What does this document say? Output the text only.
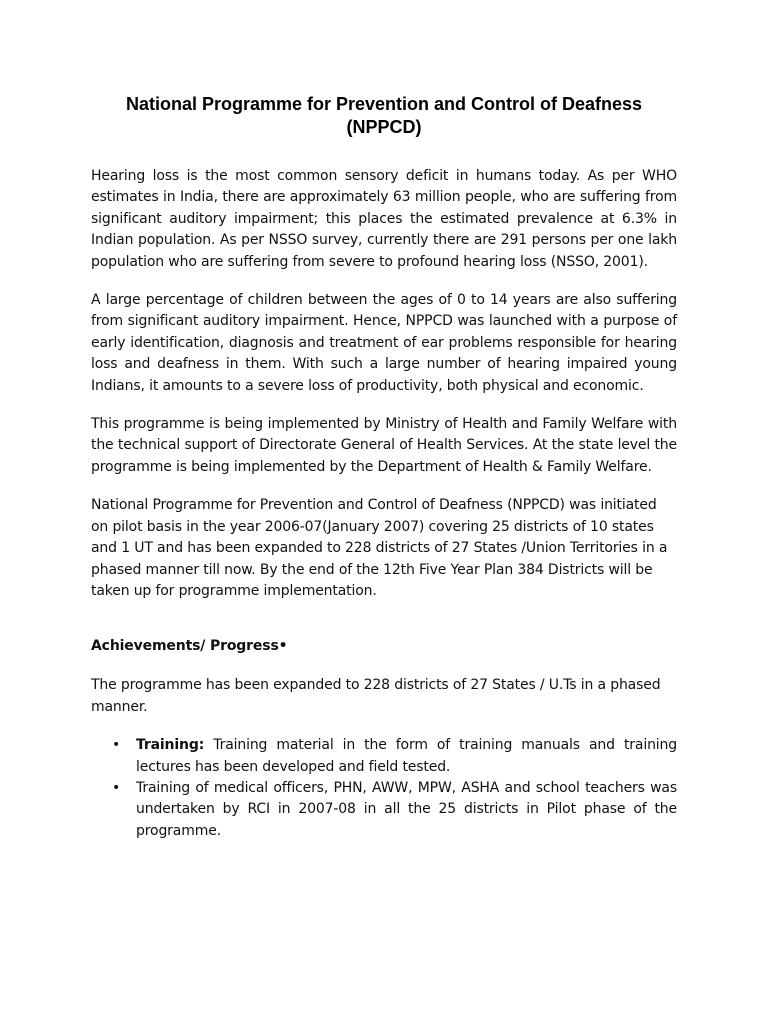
National Programme for Prevention and Control of Deafness
(NPPCD)

Hearing loss is the most common sensory deficit in humans today. As per WHO estimates in India, there are approximately 63 million people, who are suffering from significant auditory impairment; this places the estimated prevalence at 6.3% in Indian population. As per NSSO survey, currently there are 291 persons per one lakh population who are suffering from severe to profound hearing loss (NSSO, 2001).

A large percentage of children between the ages of 0 to 14 years are also suffering from significant auditory impairment. Hence, NPPCD was launched with a purpose of early identification, diagnosis and treatment of ear problems responsible for hearing loss and deafness in them. With such a large number of hearing impaired young Indians, it amounts to a severe loss of productivity, both physical and economic.

This programme is being implemented by Ministry of Health and Family Welfare with the technical support of Directorate General of Health Services. At the state level the programme is being implemented by the Department of Health & Family Welfare.

National Programme for Prevention and Control of Deafness (NPPCD) was initiated on pilot basis in the year 2006-07(January 2007) covering 25 districts of 10 states and 1 UT and has been expanded to 228 districts of 27 States /Union Territories in a phased manner till now. By the end of the 12th Five Year Plan 384 Districts will be taken up for programme implementation.

Achievements/ Progress•

The programme has been expanded to 228 districts of 27 States / U.Ts in a phased manner.

• Training: Training material in the form of training manuals and training lectures has been developed and field tested.
• Training of medical officers, PHN, AWW, MPW, ASHA and school teachers was undertaken by RCI in 2007-08 in all the 25 districts in Pilot phase of the programme.
